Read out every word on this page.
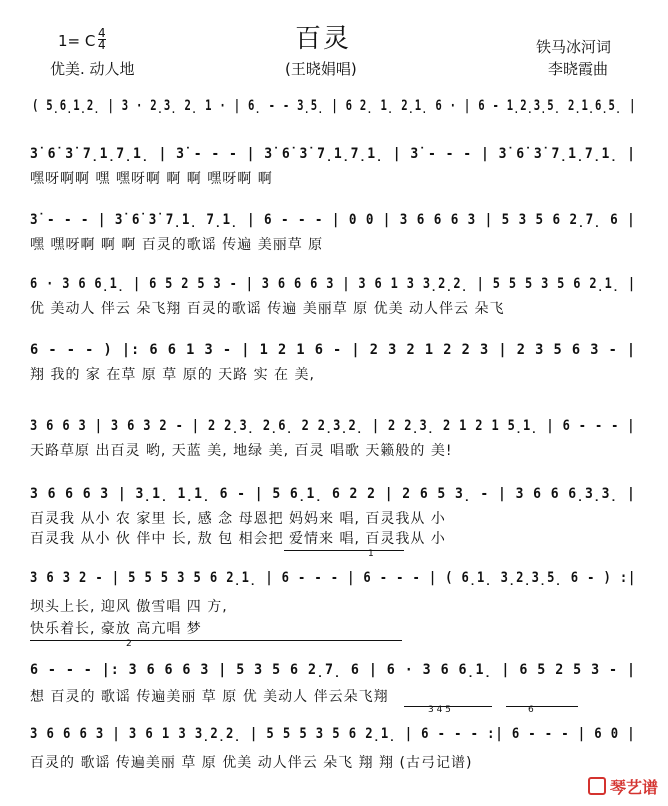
1= C 4
4	百灵	铁马冰河词
优美. 动人地	(王晓娟唱)	李晓霞曲
( 5̣6̣1̣2̣ | 3 · 2̣3̣ 2̣ 1 · | 6̣ - - 3̣5̣ | 6 2̣ 1̣ 2̣1̣ 6 · | 6 - 1̣2̣3̣5̣ 2̣1̣6̣5̣ |
3̇ 6̇ 3̇ 7̣1̣7̣1̣ | 3̇ - - - | 3̇ 6̇ 3̇ 7̣1̣7̣1̣ | 3̇ - - - | 3̇ 6̇ 3̇ 7̣1̣7̣1̣ |
嘿呀啊啊 嘿 嘿呀啊 啊 啊 嘿呀啊 啊
3̇ - - - | 3̇ 6̇ 3̇ 7̣1̣ 7̣1̣ | 6 - - - | 0 0 | 3 6 6 6 3 | 5 3 5 6 2̣7̣ 6 |
嘿 嘿呀啊 啊 啊 百灵的歌谣 传遍 美丽草 原
6 · 3 6 6̣1̣ | 6 5 2 5 3 - | 3 6 6 6 3 | 3 6 1 3 3̣2̣2̣ | 5 5 5 3 5 6 2̣1̣ |
优 美动人 伴云 朵飞翔 百灵的歌谣 传遍 美丽草 原 优美 动人伴云 朵飞
6 - - - ) |: 6 6 1 3 - | 1 2 1 6 - | 2 3 2 1 2 2 3 | 2 3 5 6 3 - |
翔 我的 家 在草 原 草 原的 天路 实 在 美,
3 6 6 3 | 3 6 3 2 - | 2 2̣3̣ 2̣6̣ 2 2̣3̣2̣ | 2 2̣3̣ 2 1 2 1 5̣1̣ | 6 - - - |
天路草原 出百灵 哟, 天蓝 美, 地绿 美, 百灵 唱歌 天籁般的 美!
3 6 6 6 3 | 3̣1̣ 1̣1̣ 6 - | 5 6̣1̣ 6 2 2 | 2 6 5 3̣ - | 3 6 6 6̣3̣3̣ |
百灵我 从小 农 家里 长, 感 念 母恩把 妈妈来 唱, 百灵我从 小
百灵我 从小 伙 伴中 长, 敖 包 相会把 爱情来 唱, 百灵我从 小
1
3 6 3 2 - | 5 5 5 3 5 6 2̣1̣ | 6 - - - | 6 - - - | ( 6̣1̣ 3̣2̣3̣5̣ 6 - ) :|
坝头上长, 迎风 傲雪唱 四 方,
快乐着长, 豪放 高亢唱 梦
2
6 - - - |: 3 6 6 6 3 | 5 3 5 6 2̣7̣ 6 | 6 · 3 6 6̣1̣ | 6 5 2 5 3 - |
想 百灵的 歌谣 传遍美丽 草 原 优 美动人 伴云朵飞翔
3 4 5	6
3 6 6 6 3 | 3 6 1 3 3̣2̣2̣ | 5 5 5 3 5 6 2̣1̣ | 6 - - - :| 6 - - - | 6 0 |
百灵的 歌谣 传遍美丽 草 原 优美 动人伴云 朵飞 翔 翔 (古弓记谱)
琴艺谱
